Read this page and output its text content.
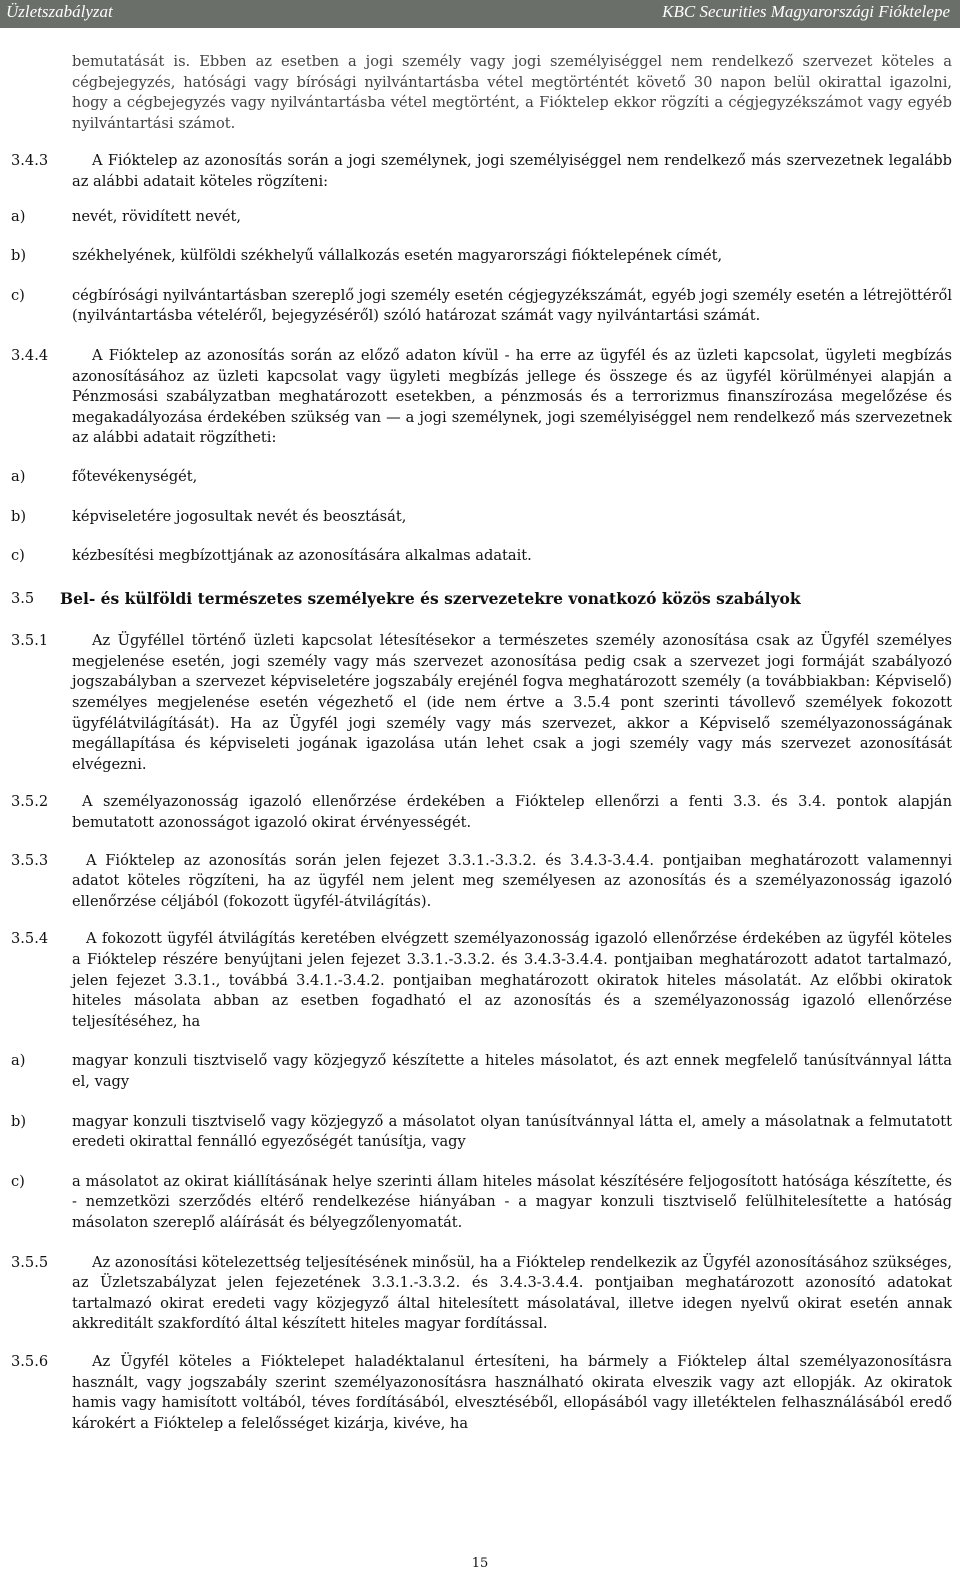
Üzletszabályzat	KBC Securities Magyarországi Fióktelepe

bemutatását is. Ebben az esetben a jogi személy vagy jogi személyiséggel nem rendelkező szervezet köteles a cégbejegyzés, hatósági vagy bírósági nyilvántartásba vétel megtörténtét követő 30 napon belül okirattal igazolni, hogy a cégbejegyzés vagy nyilvántartásba vétel megtörtént, a Fióktelep ekkor rögzíti a cégjegyzékszámot vagy egyéb nyilvántartási számot.

3.4.3	A Fióktelep az azonosítás során a jogi személynek, jogi személyiséggel nem rendelkező más szervezetnek legalább az alábbi adatait köteles rögzíteni:

a)	nevét, rövidített nevét,

b)	székhelyének, külföldi székhelyű vállalkozás esetén magyarországi fióktelepének címét,

c)	cégbírósági nyilvántartásban szereplő jogi személy esetén cégjegyzékszámát, egyéb jogi személy esetén a létrejöttéről (nyilvántartásba vételéről, bejegyzéséről) szóló határozat számát vagy nyilvántartási számát.

3.4.4	A Fióktelep az azonosítás során az előző adaton kívül - ha erre az ügyfél és az üzleti kapcsolat, ügyleti megbízás azonosításához az üzleti kapcsolat vagy ügyleti megbízás jellege és összege és az ügyfél körülményei alapján a Pénzmosási szabályzatban meghatározott esetekben, a pénzmosás és a terrorizmus finanszírozása megelőzése és megakadályozása érdekében szükség van — a jogi személynek, jogi személyiséggel nem rendelkező más szervezetnek az alábbi adatait rögzítheti:

a)	főtevékenységét,

b)	képviseletére jogosultak nevét és beosztását,

c)	kézbesítési megbízottjának az azonosítására alkalmas adatait.

3.5 Bel- és külföldi természetes személyekre és szervezetekre vonatkozó közös szabályok

3.5.1	Az Ügyféllel történő üzleti kapcsolat létesítésekor a természetes személy azonosítása csak az Ügyfél személyes megjelenése esetén, jogi személy vagy más szervezet azonosítása pedig csak a szervezet jogi formáját szabályozó jogszabályban a szervezet képviseletére jogszabály erejénél fogva meghatározott személy (a továbbiakban: Képviselő) személyes megjelenése esetén végezhető el (ide nem értve a 3.5.4 pont szerinti távollevő személyek fokozott ügyfélátvilágítását). Ha az Ügyfél jogi személy vagy más szervezet, akkor a Képviselő személyazonosságának megállapítása és képviseleti jogának igazolása után lehet csak a jogi személy vagy más szervezet azonosítását elvégezni.

3.5.2	A személyazonosság igazoló ellenőrzése érdekében a Fióktelep ellenőrzi a fenti 3.3. és 3.4. pontok alapján bemutatott azonosságot igazoló okirat érvényességét.

3.5.3	A Fióktelep az azonosítás során jelen fejezet 3.3.1.-3.3.2. és 3.4.3-3.4.4. pontjaiban meghatározott valamennyi adatot köteles rögzíteni, ha az ügyfél nem jelent meg személyesen az azonosítás és a személyazonosság igazoló ellenőrzése céljából (fokozott ügyfél-átvilágítás).

3.5.4	A fokozott ügyfél átvilágítás keretében elvégzett személyazonosság igazoló ellenőrzése érdekében az ügyfél köteles a Fióktelep részére benyújtani jelen fejezet 3.3.1.-3.3.2. és 3.4.3-3.4.4. pontjaiban meghatározott adatot tartalmazó, jelen fejezet 3.3.1., továbbá 3.4.1.-3.4.2. pontjaiban meghatározott okiratok hiteles másolatát. Az előbbi okiratok hiteles másolata abban az esetben fogadható el az azonosítás és a személyazonosság igazoló ellenőrzése teljesítéséhez, ha

a)	magyar konzuli tisztviselő vagy közjegyző készítette a hiteles másolatot, és azt ennek megfelelő tanúsítvánnyal látta el, vagy

b)	magyar konzuli tisztviselő vagy közjegyző a másolatot olyan tanúsítvánnyal látta el, amely a másolatnak a felmutatott eredeti okirattal fennálló egyezőségét tanúsítja, vagy

c)	a másolatot az okirat kiállításának helye szerinti állam hiteles másolat készítésére feljogosított hatósága készítette, és - nemzetközi szerződés eltérő rendelkezése hiányában - a magyar konzuli tisztviselő felülhitelesítette a hatóság másolaton szereplő aláírását és bélyegzőlenyomatát.

3.5.5	Az azonosítási kötelezettség teljesítésének minősül, ha a Fióktelep rendelkezik az Ügyfél azonosításához szükséges, az Üzletszabályzat jelen fejezetének 3.3.1.-3.3.2. és 3.4.3-3.4.4. pontjaiban meghatározott azonosító adatokat tartalmazó okirat eredeti vagy közjegyző által hitelesített másolatával, illetve idegen nyelvű okirat esetén annak akkreditált szakfordító által készített hiteles magyar fordítással.

3.5.6	Az Ügyfél köteles a Fióktelepet haladéktalanul értesíteni, ha bármely a Fióktelep által személyazonosításra használt, vagy jogszabály szerint személyazonosításra használható okirata elveszik vagy azt ellopják. Az okiratok hamis vagy hamisított voltából, téves fordításából, elvesztéséből, ellopásából vagy illetéktelen felhasználásából eredő károkért a Fióktelep a felelősséget kizárja, kivéve, ha

15
